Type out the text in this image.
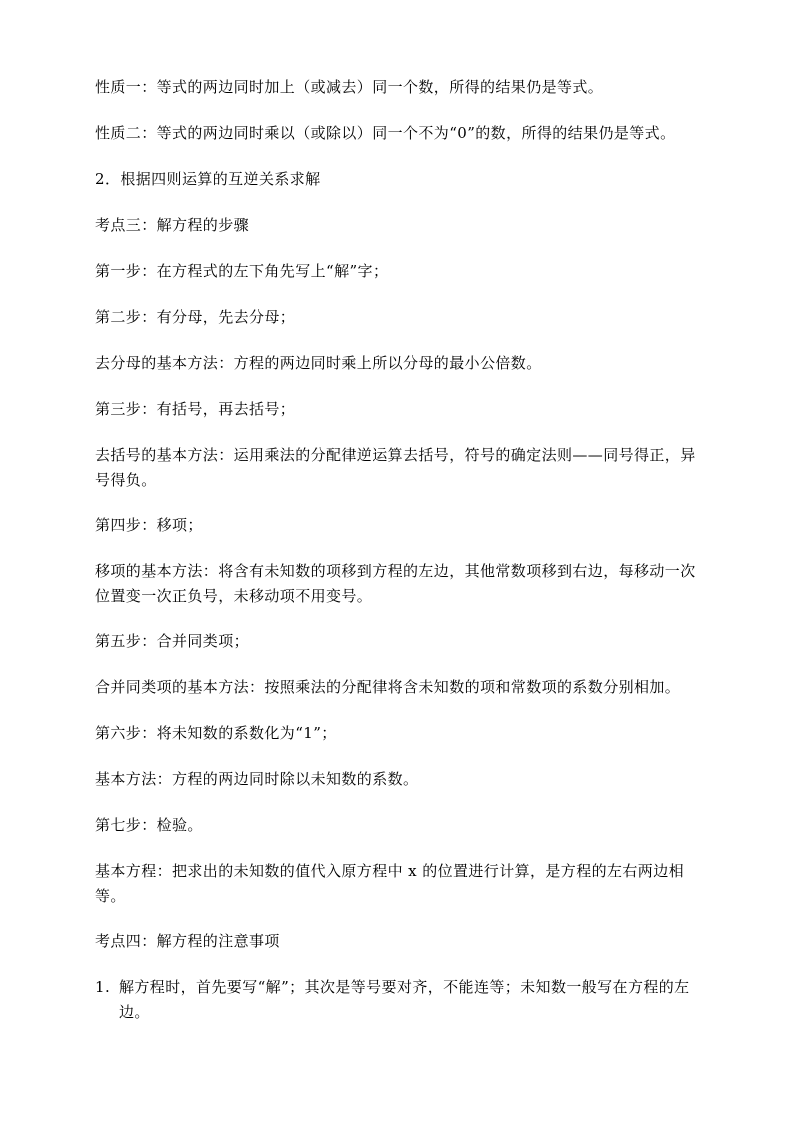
性质一：等式的两边同时加上（或减去）同一个数，所得的结果仍是等式。

性质二：等式的两边同时乘以（或除以）同一个不为“0”的数，所得的结果仍是等式。

2．根据四则运算的互逆关系求解

考点三：解方程的步骤

第一步：在方程式的左下角先写上“解”字；

第二步：有分母，先去分母；

去分母的基本方法：方程的两边同时乘上所以分母的最小公倍数。

第三步：有括号，再去括号；

去括号的基本方法：运用乘法的分配律逆运算去括号，符号的确定法则——同号得正，异号得负。

第四步：移项；

移项的基本方法：将含有未知数的项移到方程的左边，其他常数项移到右边，每移动一次位置变一次正负号，未移动项不用变号。

第五步：合并同类项；

合并同类项的基本方法：按照乘法的分配律将含未知数的项和常数项的系数分别相加。

第六步：将未知数的系数化为“1”；

基本方法：方程的两边同时除以未知数的系数。

第七步：检验。

基本方程：把求出的未知数的值代入原方程中 x 的位置进行计算，是方程的左右两边相等。

考点四：解方程的注意事项

1. 解方程时，首先要写“解”；其次是等号要对齐，不能连等；未知数一般写在方程的左边。
